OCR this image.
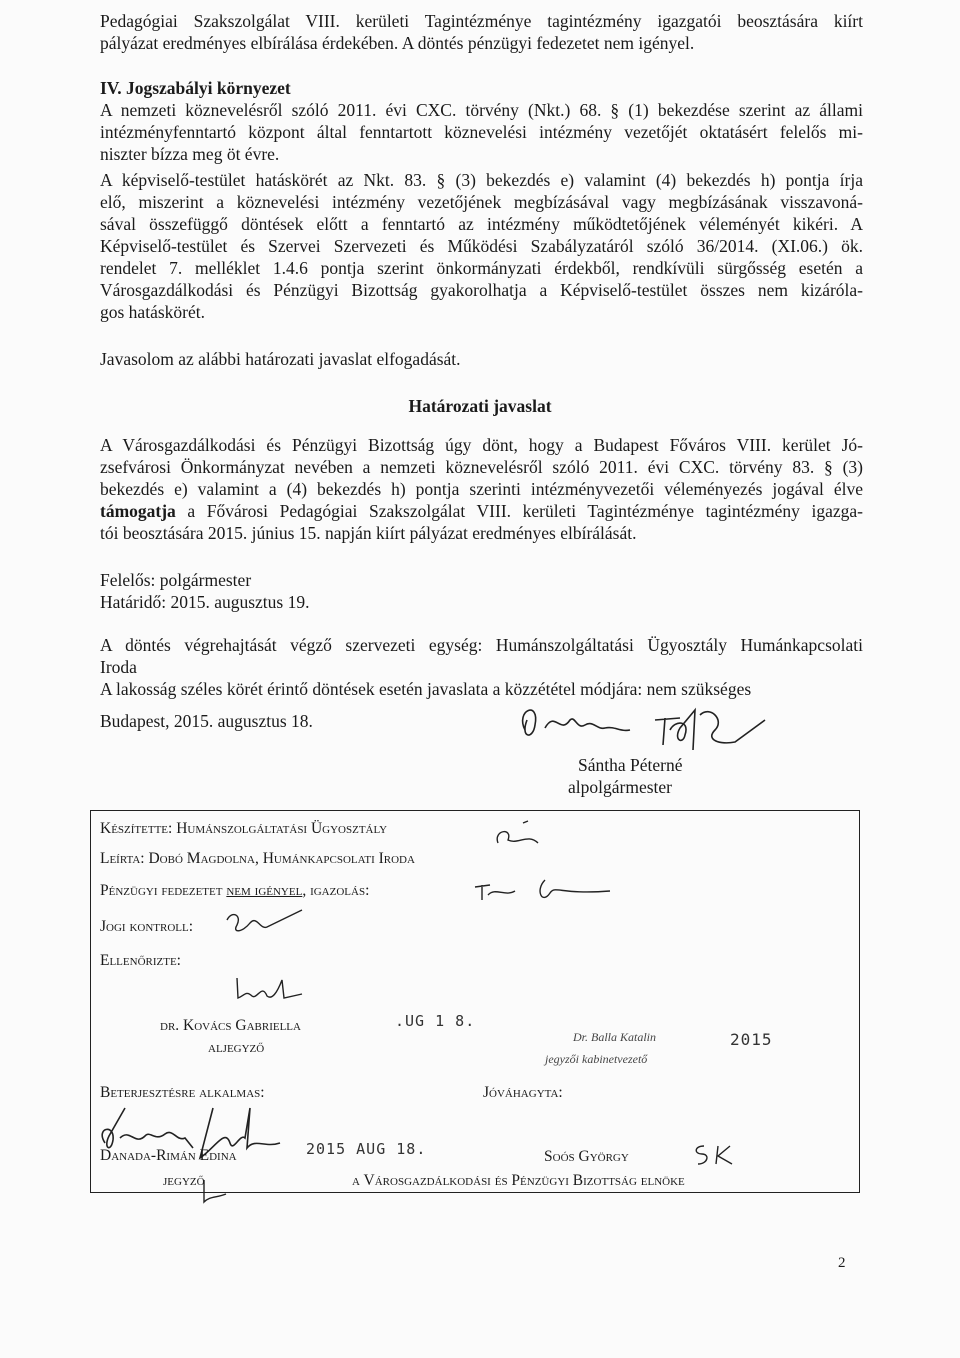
Pedagógiai Szakszolgálat VIII. kerületi Tagintézménye tagintézmény igazgatói beosztására kiírt
pályázat eredményes elbírálása érdekében. A döntés pénzügyi fedezetet nem igényel.
IV. Jogszabályi környezet
A nemzeti köznevelésről szóló 2011. évi CXC. törvény (Nkt.) 68. § (1) bekezdése szerint az állami
intézményfenntartó központ által fenntartott köznevelési intézmény vezetőjét oktatásért felelős mi-
niszter bízza meg öt évre.
A képviselő-testület hatáskörét az Nkt. 83. § (3) bekezdés e) valamint (4) bekezdés h) pontja írja
elő, miszerint a köznevelési intézmény vezetőjének megbízásával vagy megbízásának visszavoná-
sával összefüggő döntések előtt a fenntartó az intézmény működtetőjének véleményét kikéri. A
Képviselő-testület és Szervei Szervezeti és Működési Szabályzatáról szóló 36/2014. (XI.06.) ök.
rendelet 7. melléklet 1.4.6 pontja szerint önkormányzati érdekből, rendkívüli sürgősség esetén a
Városgazdálkodási és Pénzügyi Bizottság gyakorolhatja a Képviselő-testület összes nem kizáróla-
gos hatáskörét.
Javasolom az alábbi határozati javaslat elfogadását.
Határozati javaslat
A Városgazdálkodási és Pénzügyi Bizottság úgy dönt, hogy a Budapest Főváros VIII. kerület Jó-
zsefvárosi Önkormányzat nevében a nemzeti köznevelésről szóló 2011. évi CXC. törvény 83. § (3)
bekezdés e) valamint a (4) bekezdés h) pontja szerinti intézményvezetői véleményezés jogával élve
támogatja a Fővárosi Pedagógiai Szakszolgálat VIII. kerületi Tagintézménye tagintézmény igazga-
tói beosztására 2015. június 15. napján kiírt pályázat eredményes elbírálását.
Felelős: polgármester
Határidő: 2015. augusztus 19.
A döntés végrehajtását végző szervezeti egység: Humánszolgáltatási Ügyosztály Humánkapcsolati
Iroda
A lakosság széles körét érintő döntések esetén javaslata a közzététel módjára: nem szükséges
Budapest, 2015. augusztus 18.
Sántha Péterné
alpolgármester
Készítette: Humánszolgáltatási Ügyosztály
Leírta: Dobó Magdolna, Humánkapcsolati Iroda
Pénzügyi fedezetet nem igényel, igazolás:
Jogi kontroll:
Ellenőrizte:
dr. Kovács Gabriella
aljegyző
.UG 1 8.
Dr. Balla Katalin
jegyzői kabinetvezető
2015
Beterjesztésre alkalmas:	Jóváhagyta:
Danada-Rimán Edina
jegyző
2015 AUG 18.	Soós György
a Városgazdálkodási és Pénzügyi Bizottság elnöke
2
